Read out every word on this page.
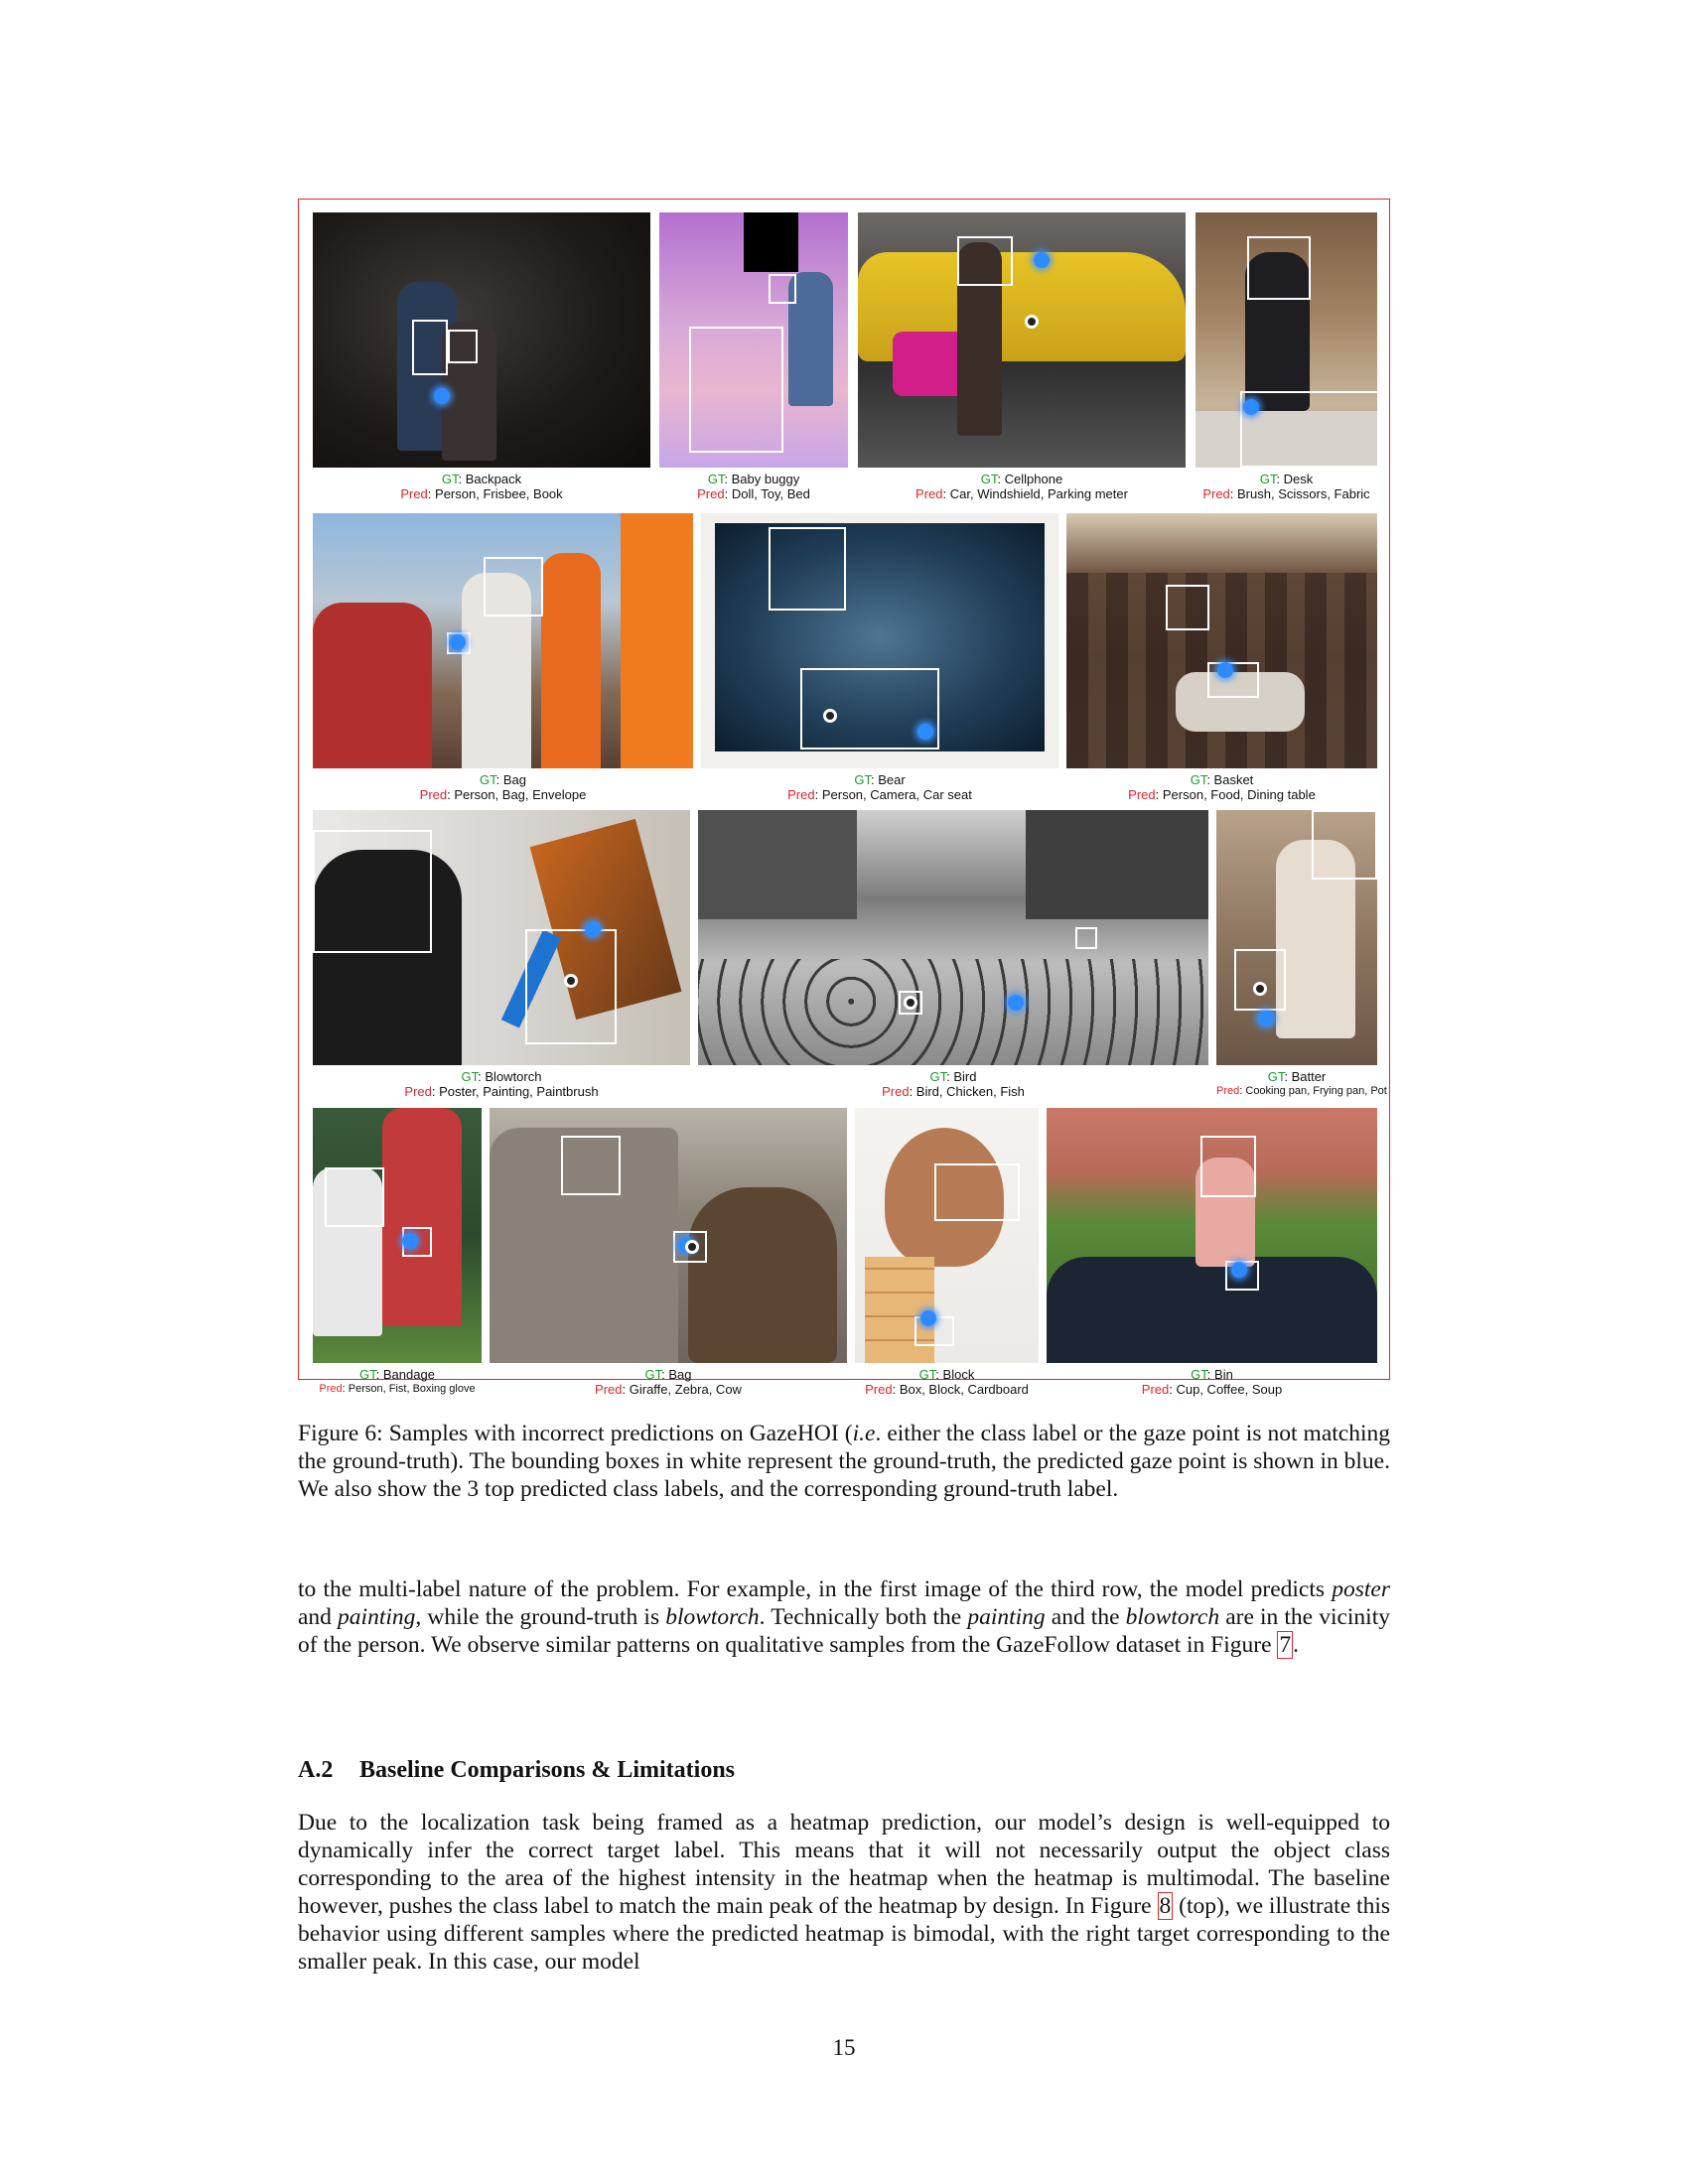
GT: Backpack
Pred: Person, Frisbee, Book
GT: Baby buggy
Pred: Doll, Toy, Bed
GT: Cellphone
Pred: Car, Windshield, Parking meter
GT: Desk
Pred: Brush, Scissors, Fabric
GT: Bag
Pred: Person, Bag, Envelope
GT: Bear
Pred: Person, Camera, Car seat
GT: Basket
Pred: Person, Food, Dining table
GT: Blowtorch
Pred: Poster, Painting, Paintbrush
GT: Bird
Pred: Bird, Chicken, Fish
GT: Batter
Pred: Cooking pan, Frying pan, Pot
GT: Bandage
Pred: Person, Fist, Boxing glove
GT: Bag
Pred: Giraffe, Zebra, Cow
GT: Block
Pred: Box, Block, Cardboard
GT: Bin
Pred: Cup, Coffee, Soup
Figure 6: Samples with incorrect predictions on GazeHOI (i.e. either the class label or the gaze point is not matching the ground-truth). The bounding boxes in white represent the ground-truth, the predicted gaze point is shown in blue. We also show the 3 top predicted class labels, and the corresponding ground-truth label.
to the multi-label nature of the problem. For example, in the first image of the third row, the model predicts poster and painting, while the ground-truth is blowtorch. Technically both the painting and the blowtorch are in the vicinity of the person. We observe similar patterns on qualitative samples from the GazeFollow dataset in Figure 7.
A.2 Baseline Comparisons & Limitations
Due to the localization task being framed as a heatmap prediction, our model’s design is well-equipped to dynamically infer the correct target label. This means that it will not necessarily output the object class corresponding to the area of the highest intensity in the heatmap when the heatmap is multimodal. The baseline however, pushes the class label to match the main peak of the heatmap by design. In Figure 8 (top), we illustrate this behavior using different samples where the predicted heatmap is bimodal, with the right target corresponding to the smaller peak. In this case, our model
15
